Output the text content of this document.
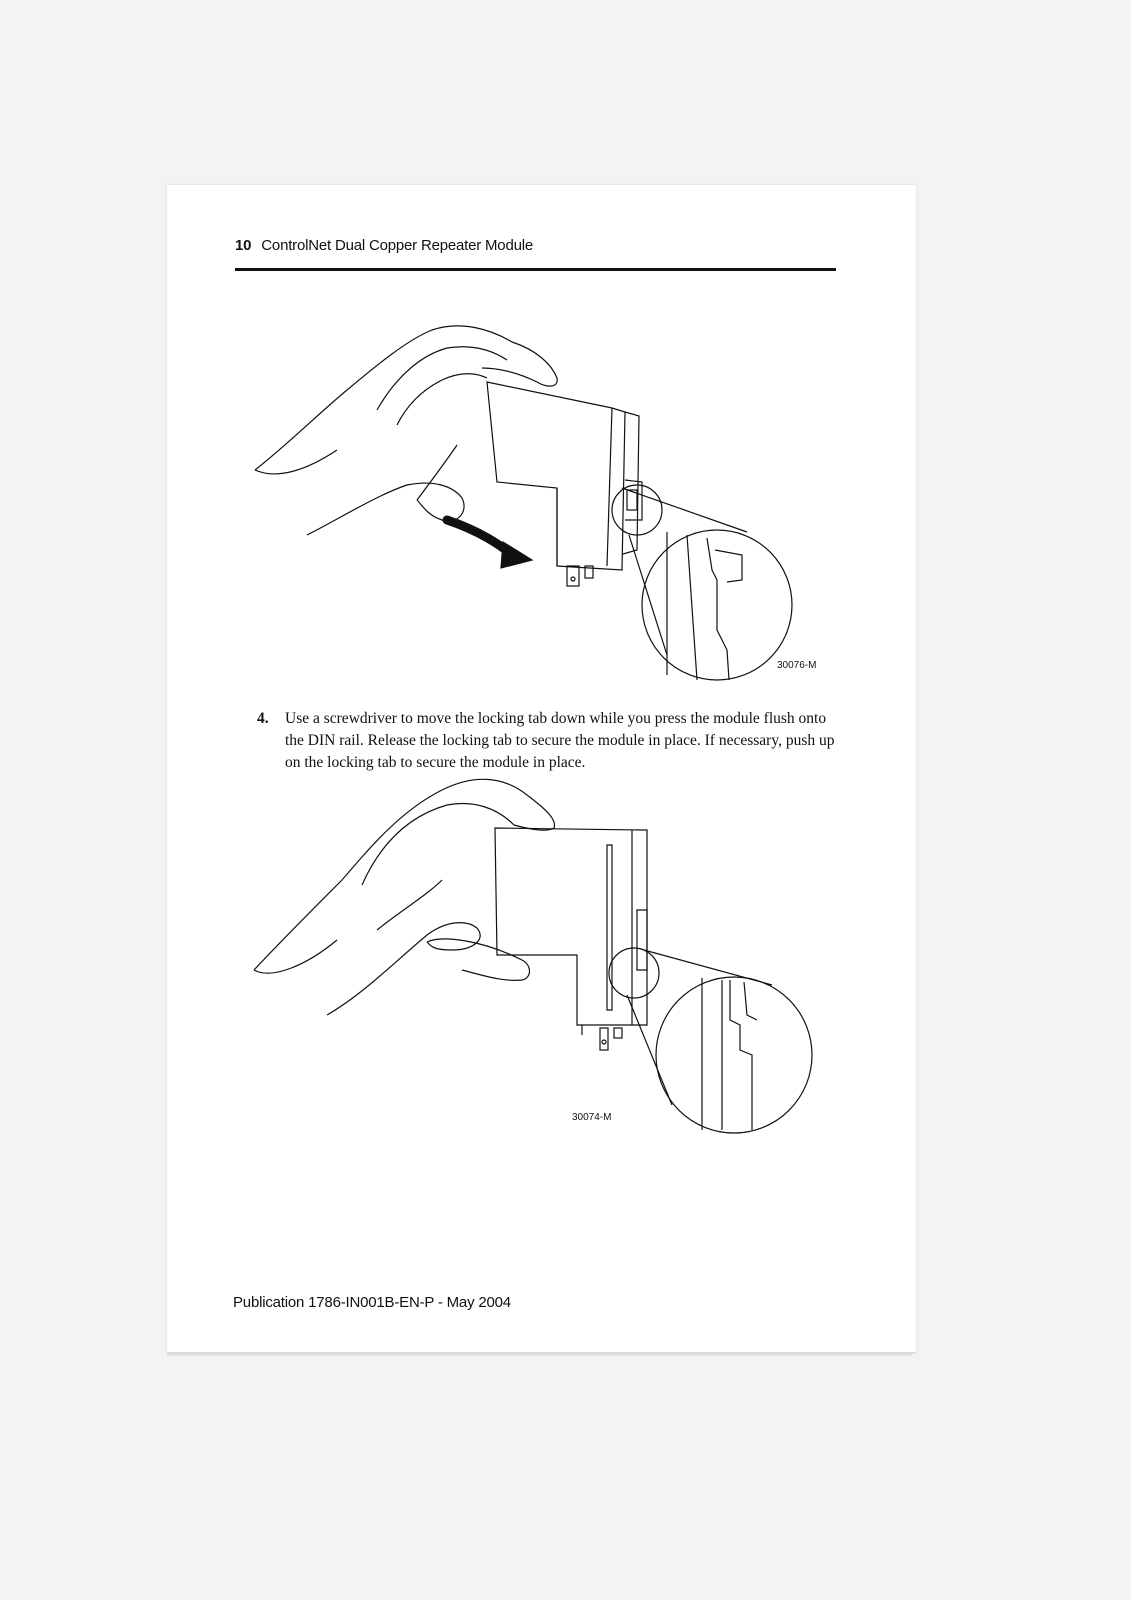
10 ControlNet Dual Copper Repeater Module
30076-M
4. Use a screwdriver to move the locking tab down while you press the module flush onto the DIN rail. Release the locking tab to secure the module in place. If necessary, push up on the locking tab to secure the module in place.
30074-M
Publication 1786-IN001B-EN-P - May 2004
